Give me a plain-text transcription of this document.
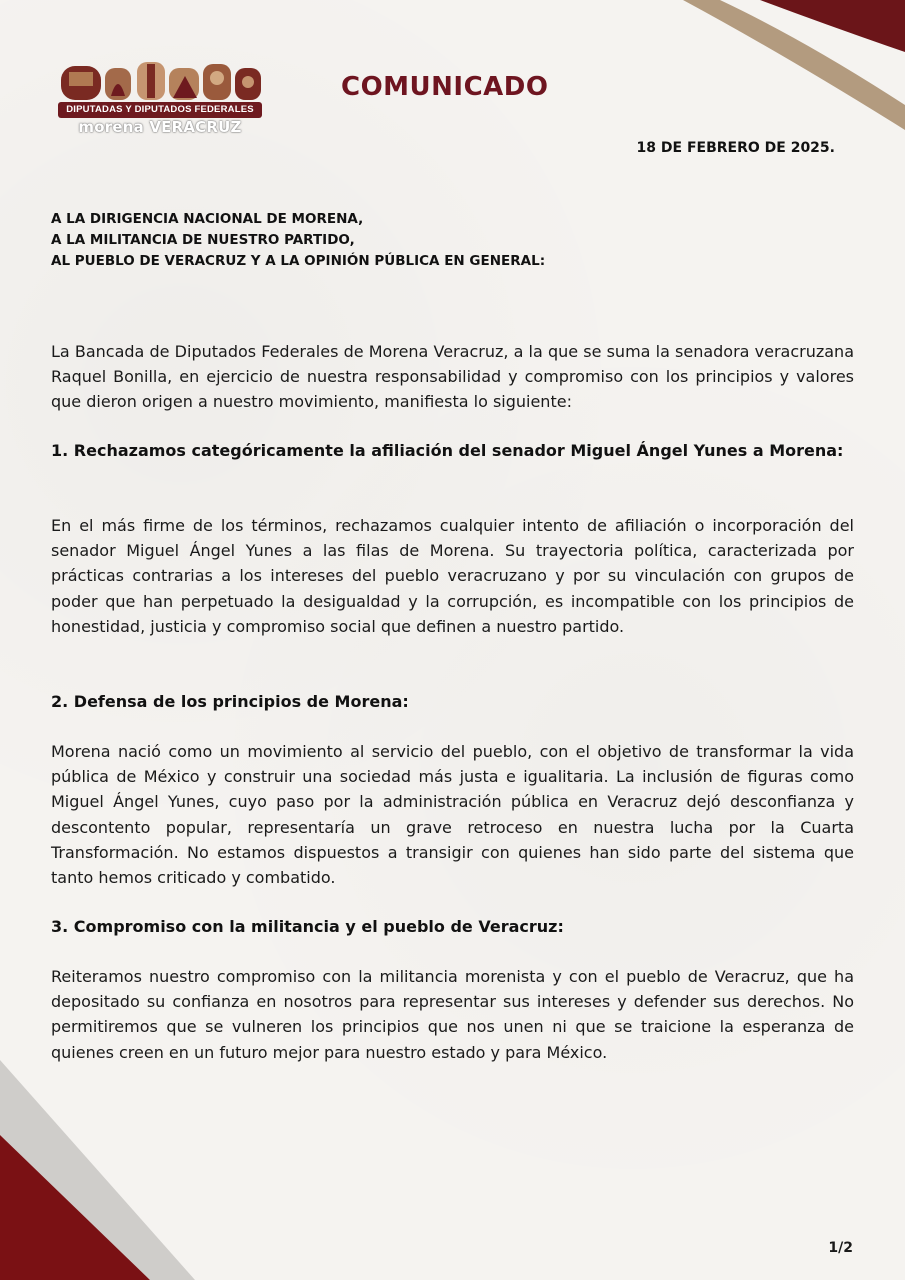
DIPUTADAS Y DIPUTADOS FEDERALES
morena VERACRUZ
COMUNICADO
18 DE FEBRERO DE 2025.
A LA DIRIGENCIA NACIONAL DE MORENA,
A LA MILITANCIA DE NUESTRO PARTIDO,
AL PUEBLO DE VERACRUZ Y A LA OPINIÓN PÚBLICA EN GENERAL:
La Bancada de Diputados Federales de Morena Veracruz, a la que se suma la senadora veracruzana Raquel Bonilla, en ejercicio de nuestra responsabilidad y compromiso con los principios y valores que dieron origen a nuestro movimiento, manifiesta lo siguiente:
1. Rechazamos categóricamente la afiliación del senador Miguel Ángel Yunes a Morena:
En el más firme de los términos, rechazamos cualquier intento de afiliación o incorporación del senador Miguel Ángel Yunes a las filas de Morena. Su trayectoria política, caracterizada por prácticas contrarias a los intereses del pueblo veracruzano y por su vinculación con grupos de poder que han perpetuado la desigualdad y la corrupción, es incompatible con los principios de honestidad, justicia y compromiso social que definen a nuestro partido.
2. Defensa de los principios de Morena:
Morena nació como un movimiento al servicio del pueblo, con el objetivo de transformar la vida pública de México y construir una sociedad más justa e igualitaria. La inclusión de figuras como Miguel Ángel Yunes, cuyo paso por la administración pública en Veracruz dejó desconfianza y descontento popular, representaría un grave retroceso en nuestra lucha por la Cuarta Transformación. No estamos dispuestos a transigir con quienes han sido parte del sistema que tanto hemos criticado y combatido.
3. Compromiso con la militancia y el pueblo de Veracruz:
Reiteramos nuestro compromiso con la militancia morenista y con el pueblo de Veracruz, que ha depositado su confianza en nosotros para representar sus intereses y defender sus derechos. No permitiremos que se vulneren los principios que nos unen ni que se traicione la esperanza de quienes creen en un futuro mejor para nuestro estado y para México.
1/2
